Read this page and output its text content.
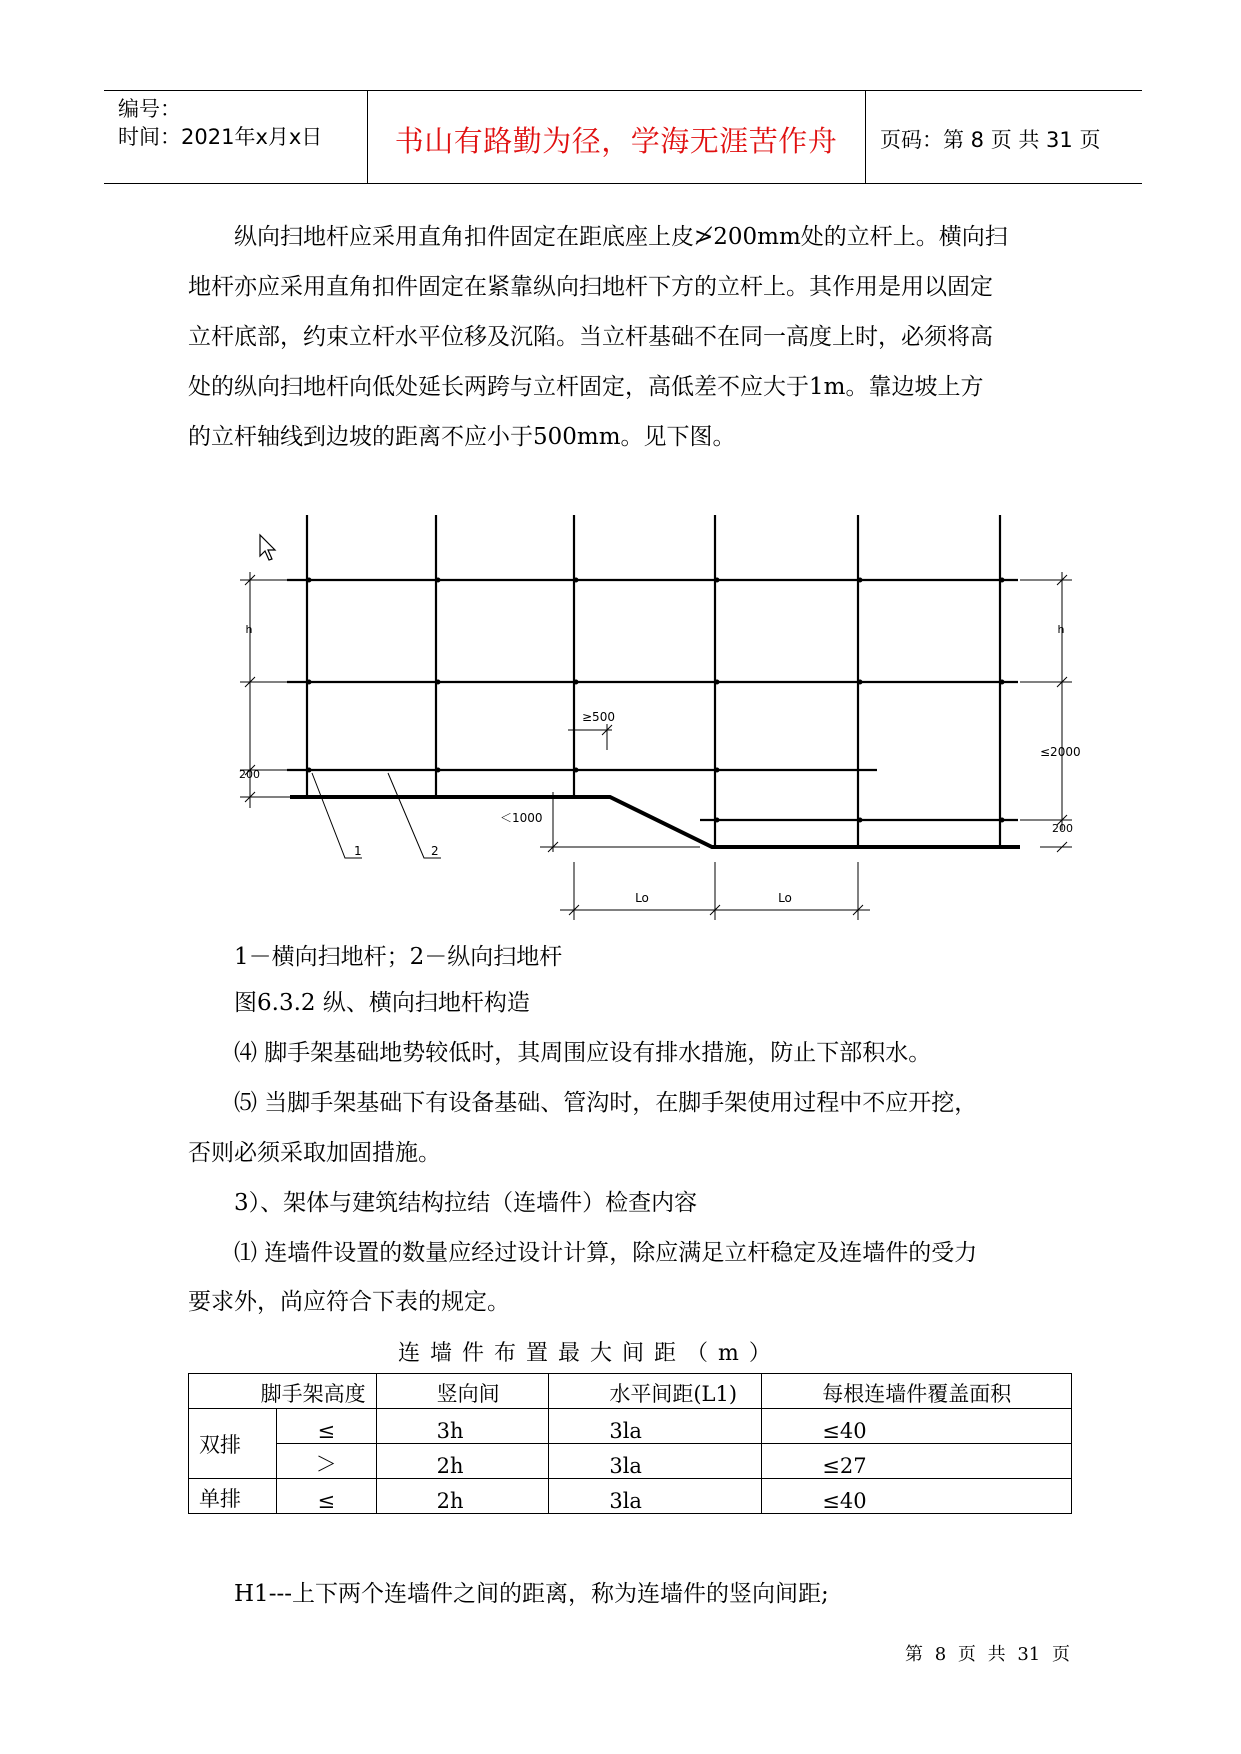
编号：
时间：2021年x月x日	书山有路勤为径，学海无涯苦作舟	页码：第 8 页 共 31 页
纵向扫地杆应采用直角扣件固定在距底座上皮≯200mm处的立杆上。横向扫
地杆亦应采用直角扣件固定在紧靠纵向扫地杆下方的立杆上。其作用是用以固定
立杆底部，约束立杆水平位移及沉陷。当立杆基础不在同一高度上时，必须将高
处的纵向扫地杆向低处延长两跨与立杆固定，高低差不应大于1m。靠边坡上方
的立杆轴线到边坡的距离不应小于500mm。见下图。
h
200
h
≤2000
200
≥500
＜1000
Lo	Lo
1	2
1－横向扫地杆；2－纵向扫地杆
图6.3.2 纵、横向扫地杆构造
⑷ 脚手架基础地势较低时，其周围应设有排水措施，防止下部积水。
⑸ 当脚手架基础下有设备基础、管沟时，在脚手架使用过程中不应开挖，
否则必须采取加固措施。
3）、架体与建筑结构拉结（连墙件）检查内容
⑴ 连墙件设置的数量应经过设计计算，除应满足立杆稳定及连墙件的受力
要求外，尚应符合下表的规定。
连墙件布置最大间距（m）
脚手架高度		竖向间	水平间距(L1)	每根连墙件覆盖面积
双排	≤	3h	3la	≤40
	＞	2h	3la	≤27
单排	≤	2h	3la	≤40
H1---上下两个连墙件之间的距离，称为连墙件的竖向间距;
第 8 页 共 31 页
